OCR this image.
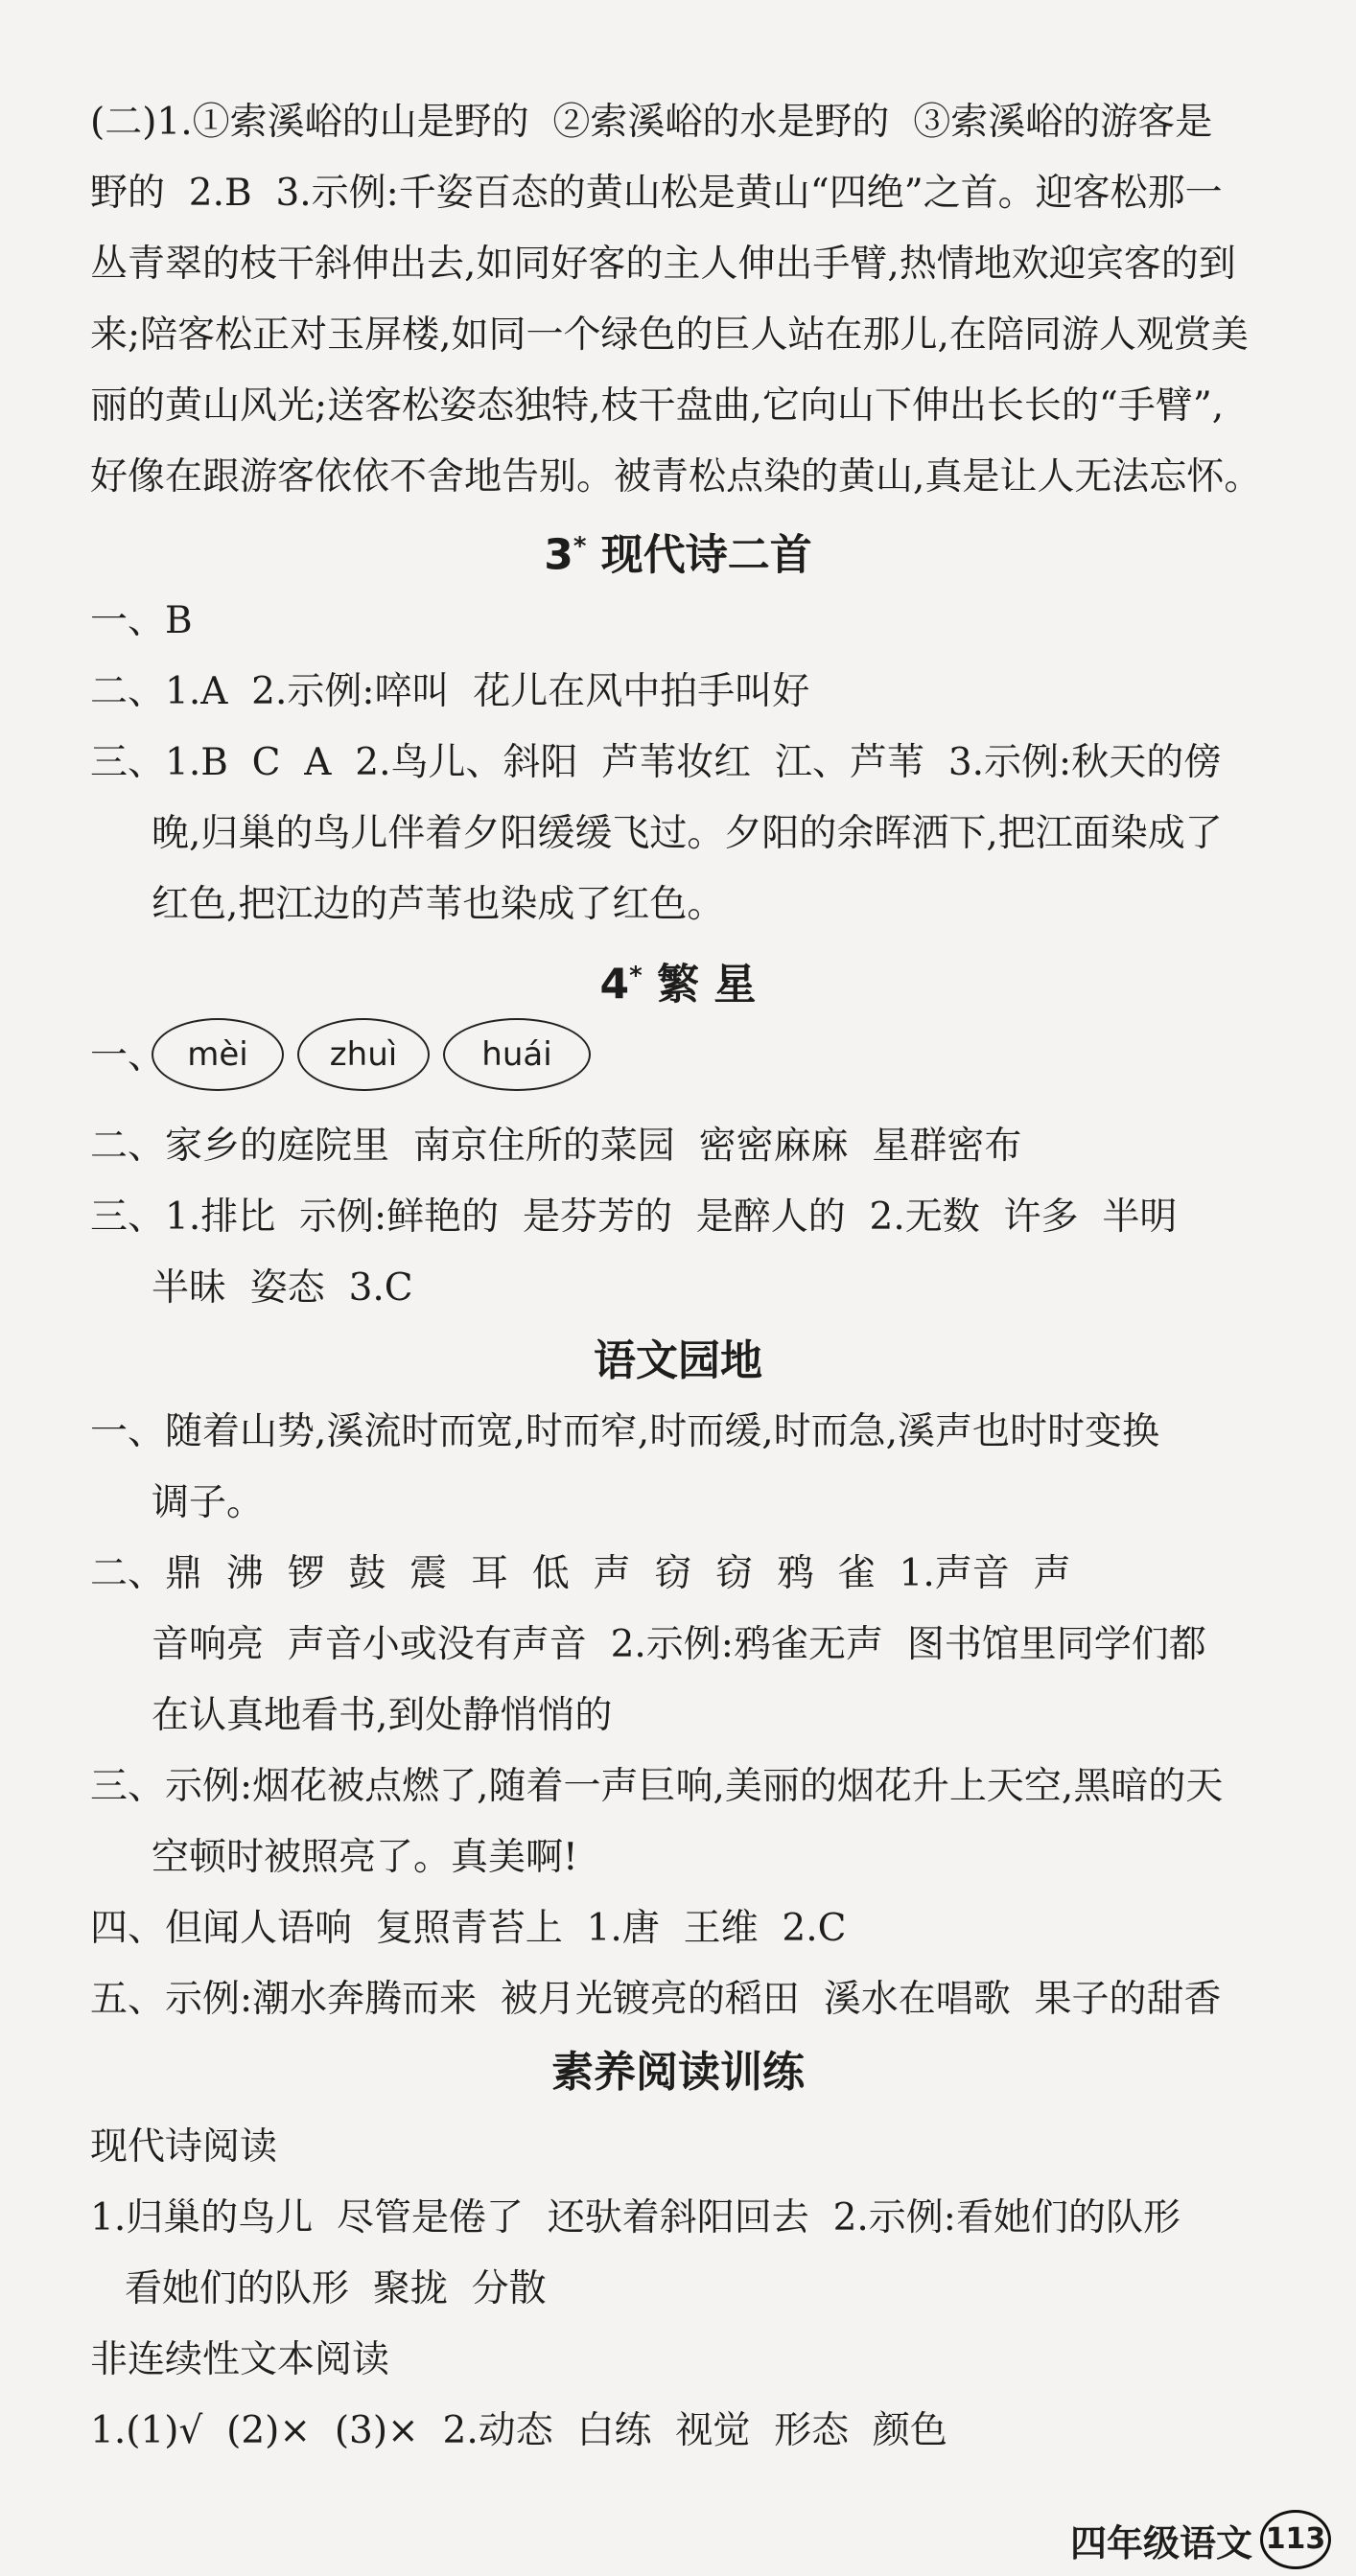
(二)1.①索溪峪的山是野的  ②索溪峪的水是野的  ③索溪峪的游客是
野的  2.B  3.示例:千姿百态的黄山松是黄山“四绝”之首。迎客松那一
丛青翠的枝干斜伸出去,如同好客的主人伸出手臂,热情地欢迎宾客的到
来;陪客松正对玉屏楼,如同一个绿色的巨人站在那儿,在陪同游人观赏美
丽的黄山风光;送客松姿态独特,枝干盘曲,它向山下伸出长长的“手臂”,
好像在跟游客依依不舍地告别。被青松点染的黄山,真是让人无法忘怀。
3* 现代诗二首
一、B
二、1.A  2.示例:啐叫  花儿在风中拍手叫好
三、1.B  C  A  2.鸟儿、斜阳  芦苇妆红  江、芦苇  3.示例:秋天的傍
晚,归巢的鸟儿伴着夕阳缓缓飞过。夕阳的余晖洒下,把江面染成了
红色,把江边的芦苇也染成了红色。
4* 繁 星
一、 mèi	zhuì	huái
二、家乡的庭院里  南京住所的菜园  密密麻麻  星群密布
三、1.排比  示例:鲜艳的  是芬芳的  是醉人的  2.无数  许多  半明
半昧  姿态  3.C
语文园地
一、随着山势,溪流时而宽,时而窄,时而缓,时而急,溪声也时时变换
调子。
二、鼎  沸  锣  鼓  震  耳  低  声  窃  窃  鸦  雀  1.声音  声
音响亮  声音小或没有声音  2.示例:鸦雀无声  图书馆里同学们都
在认真地看书,到处静悄悄的
三、示例:烟花被点燃了,随着一声巨响,美丽的烟花升上天空,黑暗的天
空顿时被照亮了。真美啊!
四、但闻人语响  复照青苔上  1.唐  王维  2.C
五、示例:潮水奔腾而来  被月光镀亮的稻田  溪水在唱歌  果子的甜香
素养阅读训练
现代诗阅读
1.归巢的鸟儿  尽管是倦了  还驮着斜阳回去  2.示例:看她们的队形
看她们的队形  聚拢  分散
非连续性文本阅读
1.(1)√  (2)×  (3)×  2.动态  白练  视觉  形态  颜色
四年级语文 113
